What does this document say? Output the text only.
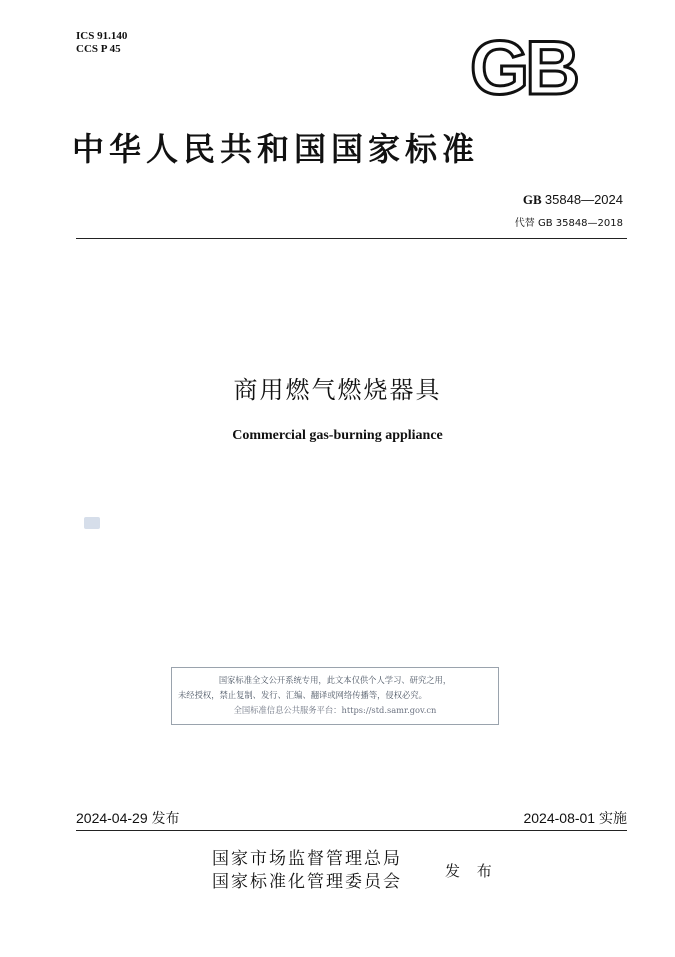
ICS 91.140
CCS P 45	GB
中华人民共和国国家标准
GB 35848—2024
代替 GB 35848—2018
商用燃气燃烧器具
Commercial gas-burning appliance
国家标准全文公开系统专用，此文本仅供个人学习、研究之用，
未经授权，禁止复制、发行、汇编、翻译或网络传播等，侵权必究。
全国标准信息公共服务平台：https://std.samr.gov.cn
2024-04-29 发布	2024-08-01 实施
国家市场监督管理总局
国家标准化管理委员会
发 布
